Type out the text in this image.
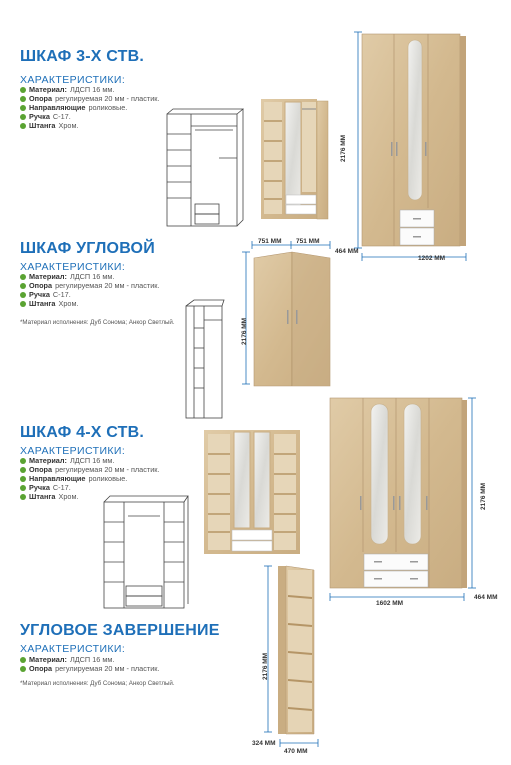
ШКАФ 3-Х СТВ.
ХАРАКТЕРИСТИКИ:
Материал: ЛДСП 16 мм.
Опора регулируемая 20 мм - пластик.
Направляющие роликовые.
Ручка С-17.
Штанга Хром.
2176 ММ
464 ММ
1202 ММ
ШКАФ УГЛОВОЙ
ХАРАКТЕРИСТИКИ:
Материал: ЛДСП 16 мм.
Опора регулируемая 20 мм - пластик.
Ручка С-17.
Штанга Хром.
*Материал исполнения: Дуб Сонома; Анкор Светлый.
751 ММ 751 ММ
2176 ММ
ШКАФ 4-Х СТВ.
ХАРАКТЕРИСТИКИ:
Материал: ЛДСП 16 мм.
Опора регулируемая 20 мм - пластик.
Направляющие роликовые.
Ручка С-17.
Штанга Хром.	2176 ММ
1602 ММ
464 ММ
УГЛОВОЕ ЗАВЕРШЕНИЕ
ХАРАКТЕРИСТИКИ:
Материал: ЛДСП 16 мм.
Опора регулируемая 20 мм - пластик.
*Материал исполнения: Дуб Сонома; Анкор Светлый.
2176 ММ
324 ММ
470 ММ
